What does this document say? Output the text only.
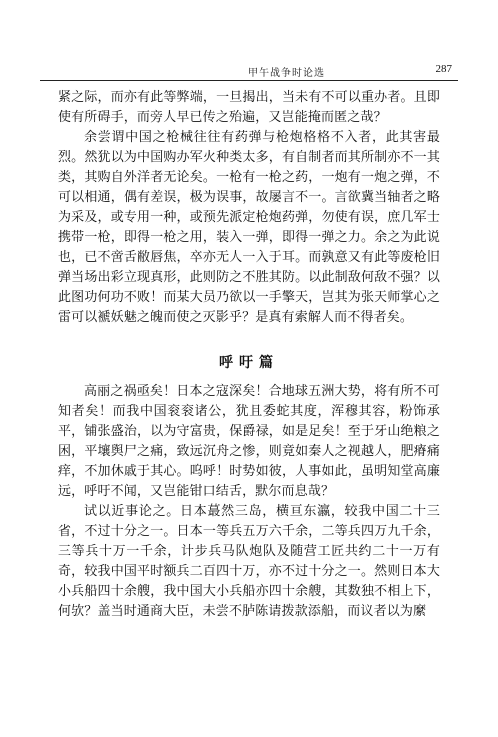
甲午战争时论选	287

紧之际，而亦有此等弊端，一旦揭出，当未有不可以重办者。且即使有所碍手，而旁人早已传之殆遍，又岂能掩而匿之哉？

余尝谓中国之枪械往往有药弹与枪炮格格不入者，此其害最烈。然犹以为中国购办军火种类太多，有自制者而其所制亦不一其类，其购自外洋者无论矣。一枪有一枪之药，一炮有一炮之弹，不可以相通，偶有差误，极为误事，故屡言不一。言欲冀当轴者之略为采及，或专用一种，或预先派定枪炮药弹，勿使有误，庶几军士携带一枪，即得一枪之用，装入一弹，即得一弹之力。余之为此说也，已不啻舌敝唇焦，卒亦无人一入于耳。而孰意又有此等废枪旧弹当场出彩立现真形，此则防之不胜其防。以此制敌何敌不强？以此图功何功不败！而某大员乃欲以一手擎天，岂其为张天师掌心之雷可以褫妖魅之魄而使之灭影乎？是真有索解人而不得者矣。

呼吁篇

高丽之祸亟矣！日本之寇深矣！合地球五洲大势，将有所不可知者矣！而我中国衮衮诸公，犹且委蛇其度，浑穆其容，粉饰承平，铺张盛治，以为守富贵，保爵禄，如是足矣！至于牙山绝粮之困，平壤舆尸之痛，致远沉舟之惨，则竟如秦人之视越人，肥瘠痛痒，不加休戚于其心。呜呼！时势如彼，人事如此，虽明知堂高廉远，呼吁不闻，又岂能钳口结舌，默尔而息哉？

试以近事论之。日本蕞然三岛，横亘东瀛，较我中国二十三省，不过十分之一。日本一等兵五万六千余，二等兵四万九千余，三等兵十万一千余，计步兵马队炮队及随营工匠共约二十一万有奇，较我中国平时额兵二百四十万，亦不过十分之一。然则日本大小兵船四十余艘，我中国大小兵船亦四十余艘，其数独不相上下，何欤？盖当时通商大臣，未尝不胪陈请拨款添船，而议者以为縻
